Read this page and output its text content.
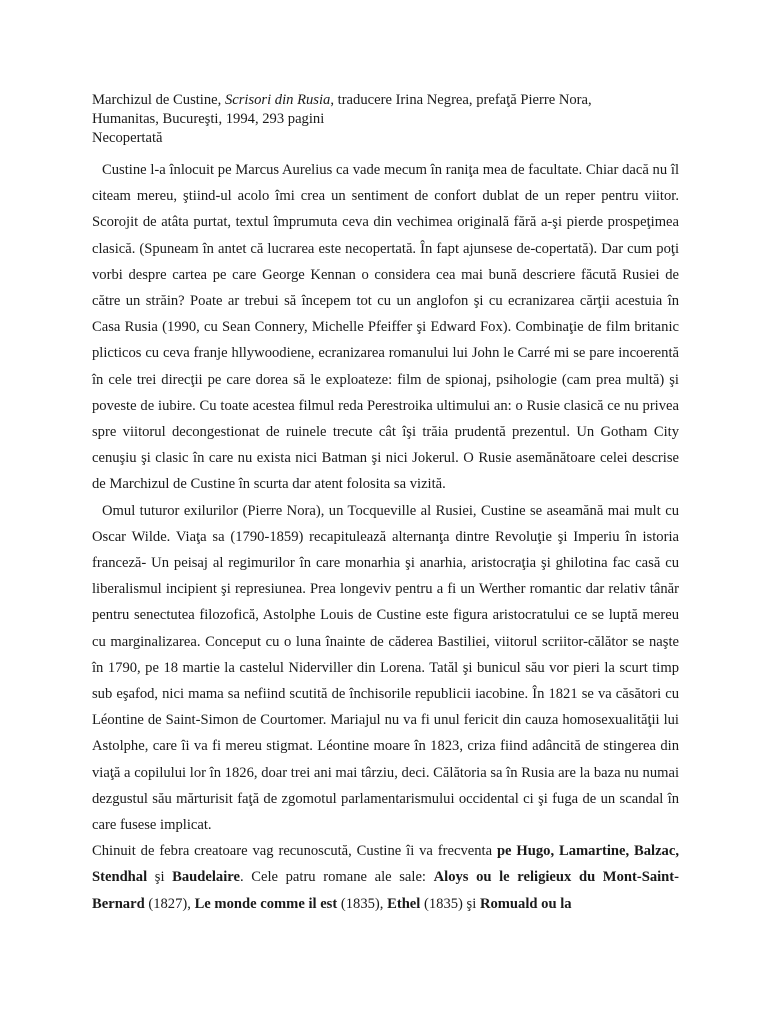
Marchizul de Custine, Scrisori din Rusia, traducere Irina Negrea, prefaţă Pierre Nora,
Humanitas, Bucureşti, 1994, 293 pagini
Necopertată

Custine l-a înlocuit pe Marcus Aurelius ca vade mecum în raniţa mea de facultate. Chiar dacă nu îl citeam mereu, ştiind-ul acolo îmi crea un sentiment de confort dublat de un reper pentru viitor. Scorojit de atâta purtat, textul împrumuta ceva din vechimea originală fără a-şi pierde prospeţimea clasică. (Spuneam în antet că lucrarea este necopertată. În fapt ajunsese de-copertată). Dar cum poţi vorbi despre cartea pe care George Kennan o considera cea mai bună descriere făcută Rusiei de către un străin? Poate ar trebui să începem tot cu un anglofon şi cu ecranizarea cărţii acestuia în Casa Rusia (1990, cu Sean Connery, Michelle Pfeiffer şi Edward Fox). Combinaţie de film britanic plicticos cu ceva franje hllywoodiene, ecranizarea romanului lui John le Carré mi se pare incoerentă în cele trei direcţii pe care dorea să le exploateze: film de spionaj, psihologie (cam prea multă) şi poveste de iubire. Cu toate acestea filmul reda Perestroika ultimului an: o Rusie clasică ce nu privea spre viitorul decongestionat de ruinele trecute cât îşi trăia prudentă prezentul. Un Gotham City cenuşiu şi clasic în care nu exista nici Batman şi nici Jokerul. O Rusie asemănătoare celei descrise de Marchizul de Custine în scurta dar atent folosita sa vizită.

Omul tuturor exilurilor (Pierre Nora), un Tocqueville al Rusiei, Custine se aseamănă mai mult cu Oscar Wilde. Viaţa sa (1790-1859) recapitulează alternanţa dintre Revoluţie şi Imperiu în istoria franceză- Un peisaj al regimurilor în care monarhia şi anarhia, aristocraţia şi ghilotina fac casă cu liberalismul incipient şi represiunea. Prea longeviv pentru a fi un Werther romantic dar relativ tânăr pentru senectutea filozofică, Astolphe Louis de Custine este figura aristocratului ce se luptă mereu cu marginalizarea. Conceput cu o luna înainte de căderea Bastiliei, viitorul scriitor-călător se naşte în 1790, pe 18 martie la castelul Niderviller din Lorena. Tatăl şi bunicul său vor pieri la scurt timp sub eşafod, nici mama sa nefiind scutită de închisorile republicii iacobine. În 1821 se va căsători cu Léontine de Saint-Simon de Courtomer. Mariajul nu va fi unul fericit din cauza homosexualităţii lui Astolphe, care îi va fi mereu stigmat. Léontine moare în 1823, criza fiind adâncită de stingerea din viaţă a copilului lor în 1826, doar trei ani mai târziu, deci. Călătoria sa în Rusia are la baza nu numai dezgustul său mărturisit faţă de zgomotul parlamentarismului occidental ci şi fuga de un scandal în care fusese implicat.

Chinuit de febra creatoare vag recunoscută, Custine îi va frecventa pe Hugo, Lamartine, Balzac, Stendhal şi Baudelaire. Cele patru romane ale sale: Aloys ou le religieux du Mont-Saint-Bernard (1827), Le monde comme il est (1835), Ethel (1835) şi Romuald ou la
